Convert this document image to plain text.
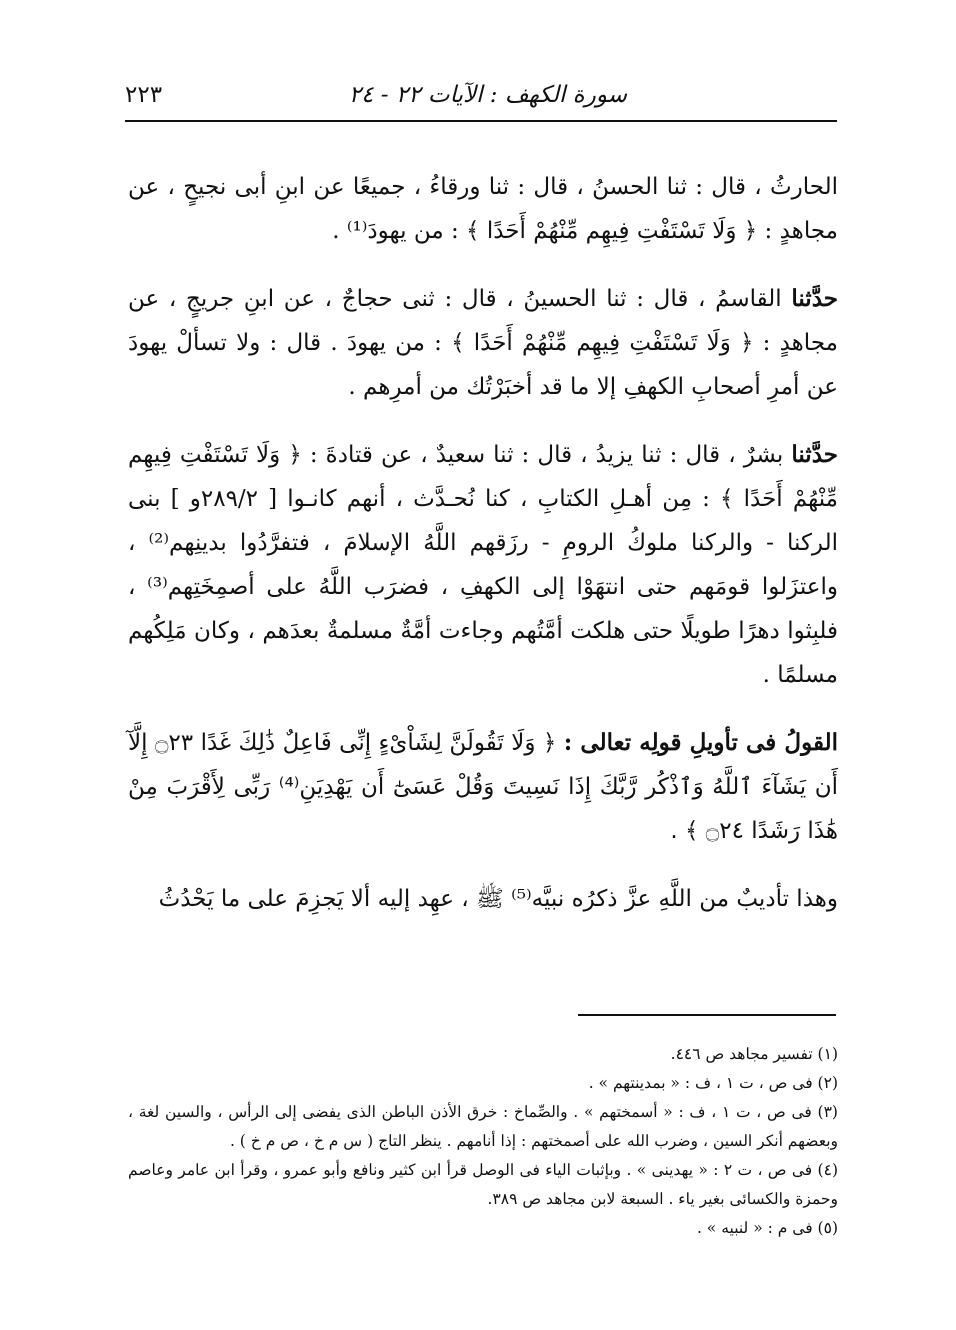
سورة الكهف : الآيات ٢٢ - ٢٤
٢٢٣

الحارثُ ، قال : ثنا الحسنُ ، قال : ثنا ورقاءُ ، جميعًا عن ابنِ أبى نجيحٍ ، عن مجاهدٍ : ﴿ وَلَا تَسْتَفْتِ فِيهِم مِّنْهُمْ أَحَدًا ﴾ : من يهودَ⁽¹⁾ .

حدَّثنا القاسمُ ، قال : ثنا الحسينُ ، قال : ثنى حجاجٌ ، عن ابنِ جريجٍ ، عن مجاهدٍ : ﴿ وَلَا تَسْتَفْتِ فِيهِم مِّنْهُمْ أَحَدًا ﴾ : من يهودَ . قال : ولا تسألْ يهودَ عن أمرِ أصحابِ الكهفِ إلا ما قد أخبَرْتُك من أمرِهم .

حدَّثنا بشرٌ ، قال : ثنا يزيدُ ، قال : ثنا سعيدٌ ، عن قتادةَ : ﴿ وَلَا تَسْتَفْتِ فِيهِم مِّنْهُمْ أَحَدًا ﴾ : مِن أهـلِ الكتابِ ، كنا نُحـدَّث ، أنهم كانـوا [ ٢٨٩/٢و ] بنى الركنا - والركنا ملوكُ الرومِ - رزَقهم اللَّهُ الإسلامَ ، فتفرَّدُوا بدينِهم⁽²⁾ ، واعتزَلوا قومَهم حتى انتهَوْا إلى الكهفِ ، فضرَب اللَّهُ على أصمِخَتِهم⁽³⁾ ، فلبِثوا دهرًا طويلًا حتى هلكت أمَّتُهم وجاءت أمَّةٌ مسلمةٌ بعدَهم ، وكان مَلِكُهم مسلمًا .

القولُ فى تأويلِ قولِه تعالى : ﴿ وَلَا تَقُولَنَّ لِشَاْىْءٍ إِنِّى فَاعِلٌ ذَٰلِكَ غَدًا ۝٢٣ إِلَّآ أَن يَشَآءَ ٱللَّهُ وَٱذْكُر رَّبَّكَ إِذَا نَسِيتَ وَقُلْ عَسَىٰٓ أَن يَهْدِيَنِ⁽⁴⁾ رَبِّى لِأَقْرَبَ مِنْ هَٰذَا رَشَدًا ۝٢٤ ﴾ .

وهذا تأديبٌ من اللَّهِ عزَّ ذكرُه نبيَّه⁽⁵⁾ ﷺ ، عهِد إليه ألا يَجزِمَ على ما يَحْدُثُ

(١) تفسير مجاهد ص ٤٤٦.

(٢) فى ص ، ت ١ ، ف : « بمدينتهم » .

(٣) فى ص ، ت ١ ، ف : « أسمختهم » . والصِّماخ : خرق الأذن الباطن الذى يفضى إلى الرأس ، والسين لغة ، وبعضهم أنكر السين ، وضرب الله على أصمختهم : إذا أنامهم . ينظر التاج ( س م خ ، ص م خ ) .

(٤) فى ص ، ت ٢ : « يهدينى » . وبإثبات الياء فى الوصل قرأ ابن كثير ونافع وأبو عمرو ، وقرأ ابن عامر وعاصم وحمزة والكسائى بغير ياء . السبعة لابن مجاهد ص ٣٨٩.

(٥) فى م : « لنبيه » .
